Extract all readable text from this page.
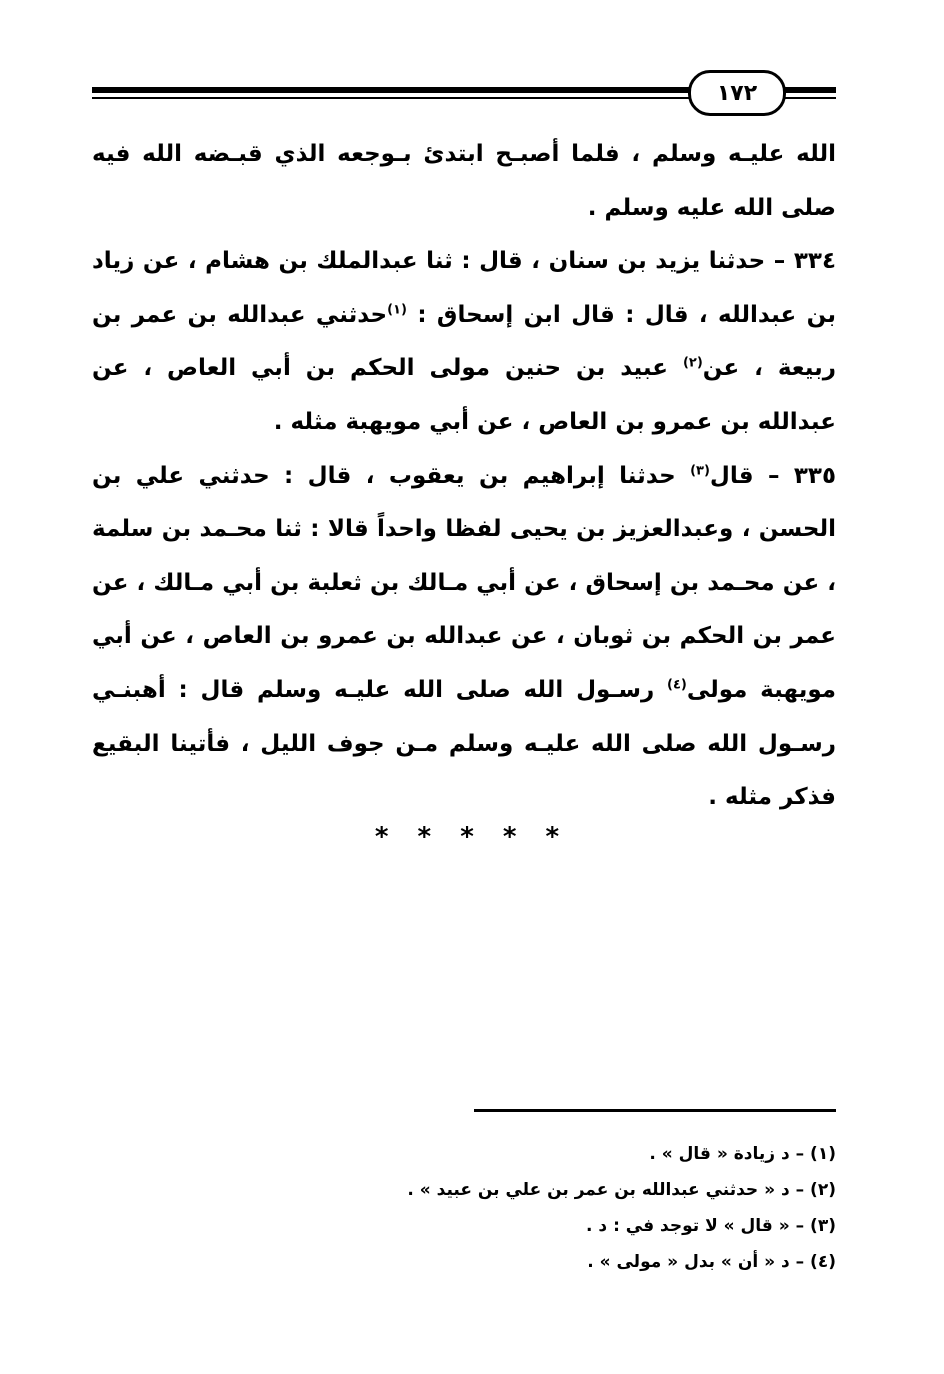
١٧٢

الله عليـه وسلم ، فلما أصبـح ابتدئ بـوجعه الذي قبـضه الله فيه صلى الله عليه وسلم .

٣٣٤ – حدثنا يزيد بن سنان ، قال : ثنا عبدالملك بن هشام ، عن زياد بن عبدالله ، قال : قال ابن إسحاق : $^{(١)}$حدثني عبدالله بن عمر بن ربيعة ، عن$^{(٢)}$ عبيد بن حنين مولى الحكم بن أبي العاص ، عن عبدالله بن عمرو بن العاص ، عن أبي مويهبة مثله .

٣٣٥ – قال$^{(٣)}$ حدثنا إبراهيم بن يعقوب ، قال : حدثني علي بن الحسن ، وعبدالعزيز بن يحيى لفظا واحداً قالا : ثنا محـمد بن سلمة ، عن محـمد بن إسحاق ، عن أبي مـالك بن ثعلبة بن أبي مـالك ، عن عمر بن الحكم بن ثوبان ، عن عبدالله بن عمرو بن العاص ، عن أبي مويهبة مولى$^{(٤)}$ رسـول الله صلى الله عليـه وسلم قال : أهبنـي رسـول الله صلى الله عليـه وسلم مـن جوف الليل ، فأتينا البقيع فذكر مثله .

* * * * *
(١) – د زيادة « قال » .
(٢) – د « حدثني عبدالله بن عمر بن علي بن عبيد » .
(٣) – « قال » لا توجد في : د .
(٤) – د « أن » بدل « مولى » .
